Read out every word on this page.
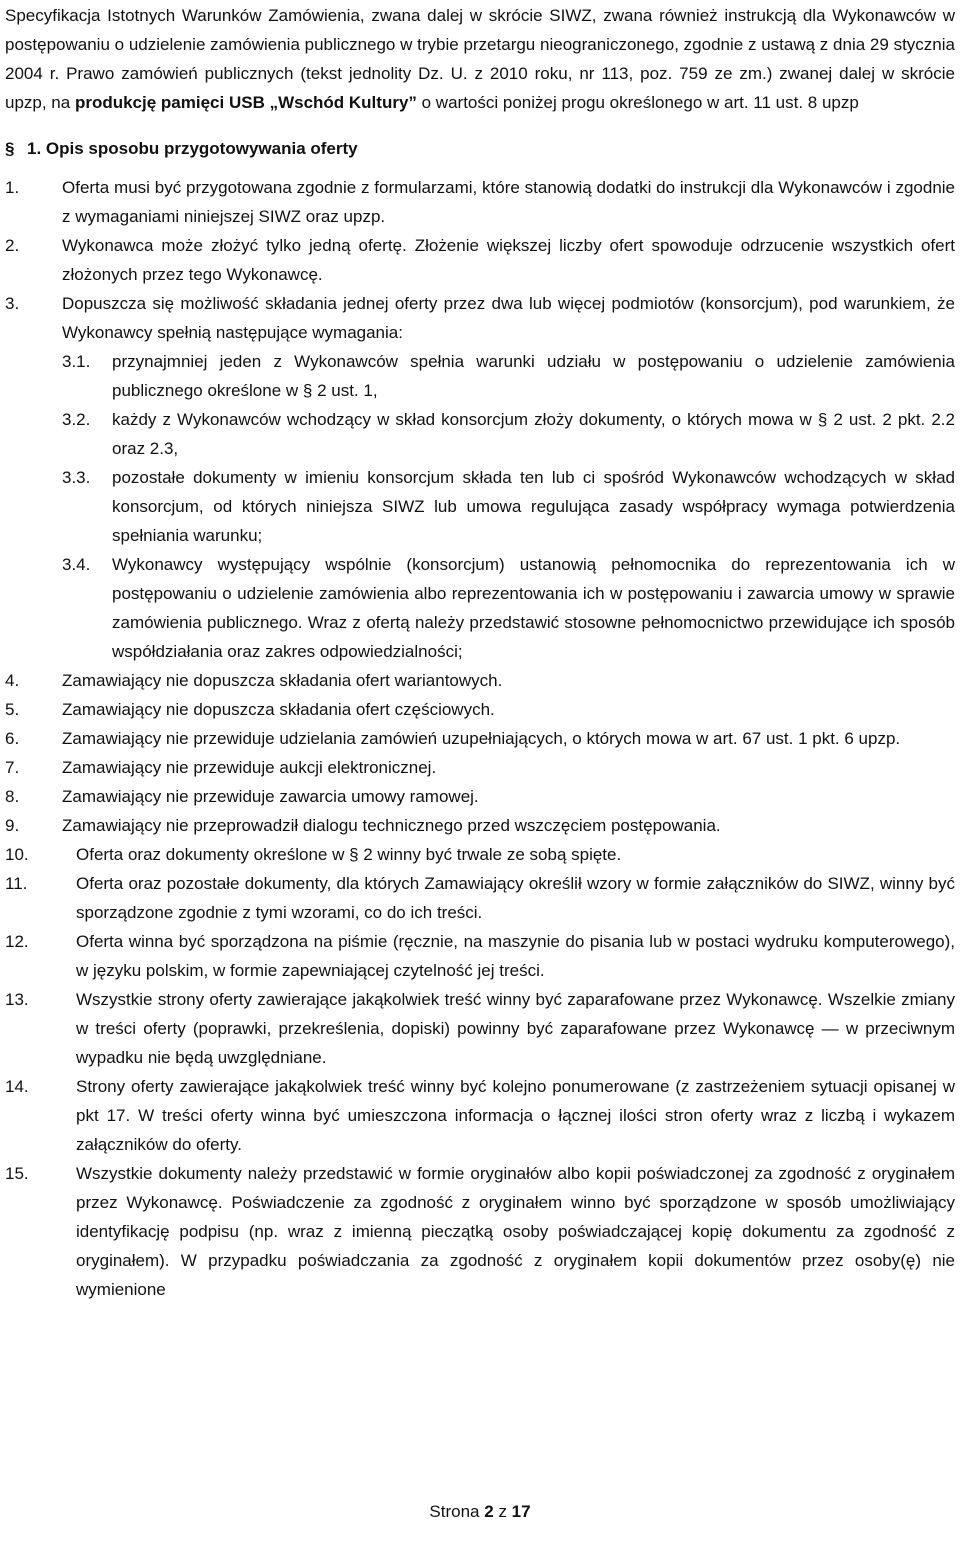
Specyfikacja Istotnych Warunków Zamówienia, zwana dalej w skrócie SIWZ, zwana również instrukcją dla Wykonawców w postępowaniu o udzielenie zamówienia publicznego w trybie przetargu nieograniczonego, zgodnie z ustawą z dnia 29 stycznia 2004 r. Prawo zamówień publicznych (tekst jednolity Dz. U. z 2010 roku, nr 113, poz. 759 ze zm.) zwanej dalej w skrócie upzp, na produkcję pamięci USB „Wschód Kultury” o wartości poniżej progu określonego w art. 11 ust. 8 upzp

§ 1. Opis sposobu przygotowywania oferty
1.	Oferta musi być przygotowana zgodnie z formularzami, które stanowią dodatki do instrukcji dla Wykonawców i zgodnie z wymaganiami niniejszej SIWZ oraz upzp.
2.	Wykonawca może złożyć tylko jedną ofertę. Złożenie większej liczby ofert spowoduje odrzucenie wszystkich ofert złożonych przez tego Wykonawcę.
3.	Dopuszcza się możliwość składania jednej oferty przez dwa lub więcej podmiotów (konsorcjum), pod warunkiem, że Wykonawcy spełnią następujące wymagania:
3.1.	przynajmniej jeden z Wykonawców spełnia warunki udziału w postępowaniu o udzielenie zamówienia publicznego określone w § 2 ust. 1,
3.2.	każdy z Wykonawców wchodzący w skład konsorcjum złoży dokumenty, o których mowa w § 2 ust. 2 pkt. 2.2 oraz 2.3,
3.3.	pozostałe dokumenty w imieniu konsorcjum składa ten lub ci spośród Wykonawców wchodzących w skład konsorcjum, od których niniejsza SIWZ lub umowa regulująca zasady współpracy wymaga potwierdzenia spełniania warunku;
3.4.	Wykonawcy występujący wspólnie (konsorcjum) ustanowią pełnomocnika do reprezentowania ich w postępowaniu o udzielenie zamówienia albo reprezentowania ich w postępowaniu i zawarcia umowy w sprawie zamówienia publicznego. Wraz z ofertą należy przedstawić stosowne pełnomocnictwo przewidujące ich sposób współdziałania oraz zakres odpowiedzialności;
4.	Zamawiający nie dopuszcza składania ofert wariantowych.
5.	Zamawiający nie dopuszcza składania ofert częściowych.
6.	Zamawiający nie przewiduje udzielania zamówień uzupełniających, o których mowa w art. 67 ust. 1 pkt. 6 upzp.
7.	Zamawiający nie przewiduje aukcji elektronicznej.
8.	Zamawiający nie przewiduje zawarcia umowy ramowej.
9.	Zamawiający nie przeprowadził dialogu technicznego przed wszczęciem postępowania.
10.	Oferta oraz dokumenty określone w § 2 winny być trwale ze sobą spięte.
11.	Oferta oraz pozostałe dokumenty, dla których Zamawiający określił wzory w formie załączników do SIWZ, winny być sporządzone zgodnie z tymi wzorami, co do ich treści.
12.	Oferta winna być sporządzona na piśmie (ręcznie, na maszynie do pisania lub w postaci wydruku komputerowego), w języku polskim, w formie zapewniającej czytelność jej treści.
13.	Wszystkie strony oferty zawierające jakąkolwiek treść winny być zaparafowane przez Wykonawcę. Wszelkie zmiany w treści oferty (poprawki, przekreślenia, dopiski) powinny być zaparafowane przez Wykonawcę — w przeciwnym wypadku nie będą uwzględniane.
14.	Strony oferty zawierające jakąkolwiek treść winny być kolejno ponumerowane (z zastrzeżeniem sytuacji opisanej w pkt 17. W treści oferty winna być umieszczona informacja o łącznej ilości stron oferty wraz z liczbą i wykazem załączników do oferty.
15.	Wszystkie dokumenty należy przedstawić w formie oryginałów albo kopii poświadczonej za zgodność z oryginałem przez Wykonawcę. Poświadczenie za zgodność z oryginałem winno być sporządzone w sposób umożliwiający identyfikację podpisu (np. wraz z imienną pieczątką osoby poświadczającej kopię dokumentu za zgodność z oryginałem). W przypadku poświadczania za zgodność z oryginałem kopii dokumentów przez osoby(ę) nie wymienione
Strona 2 z 17
